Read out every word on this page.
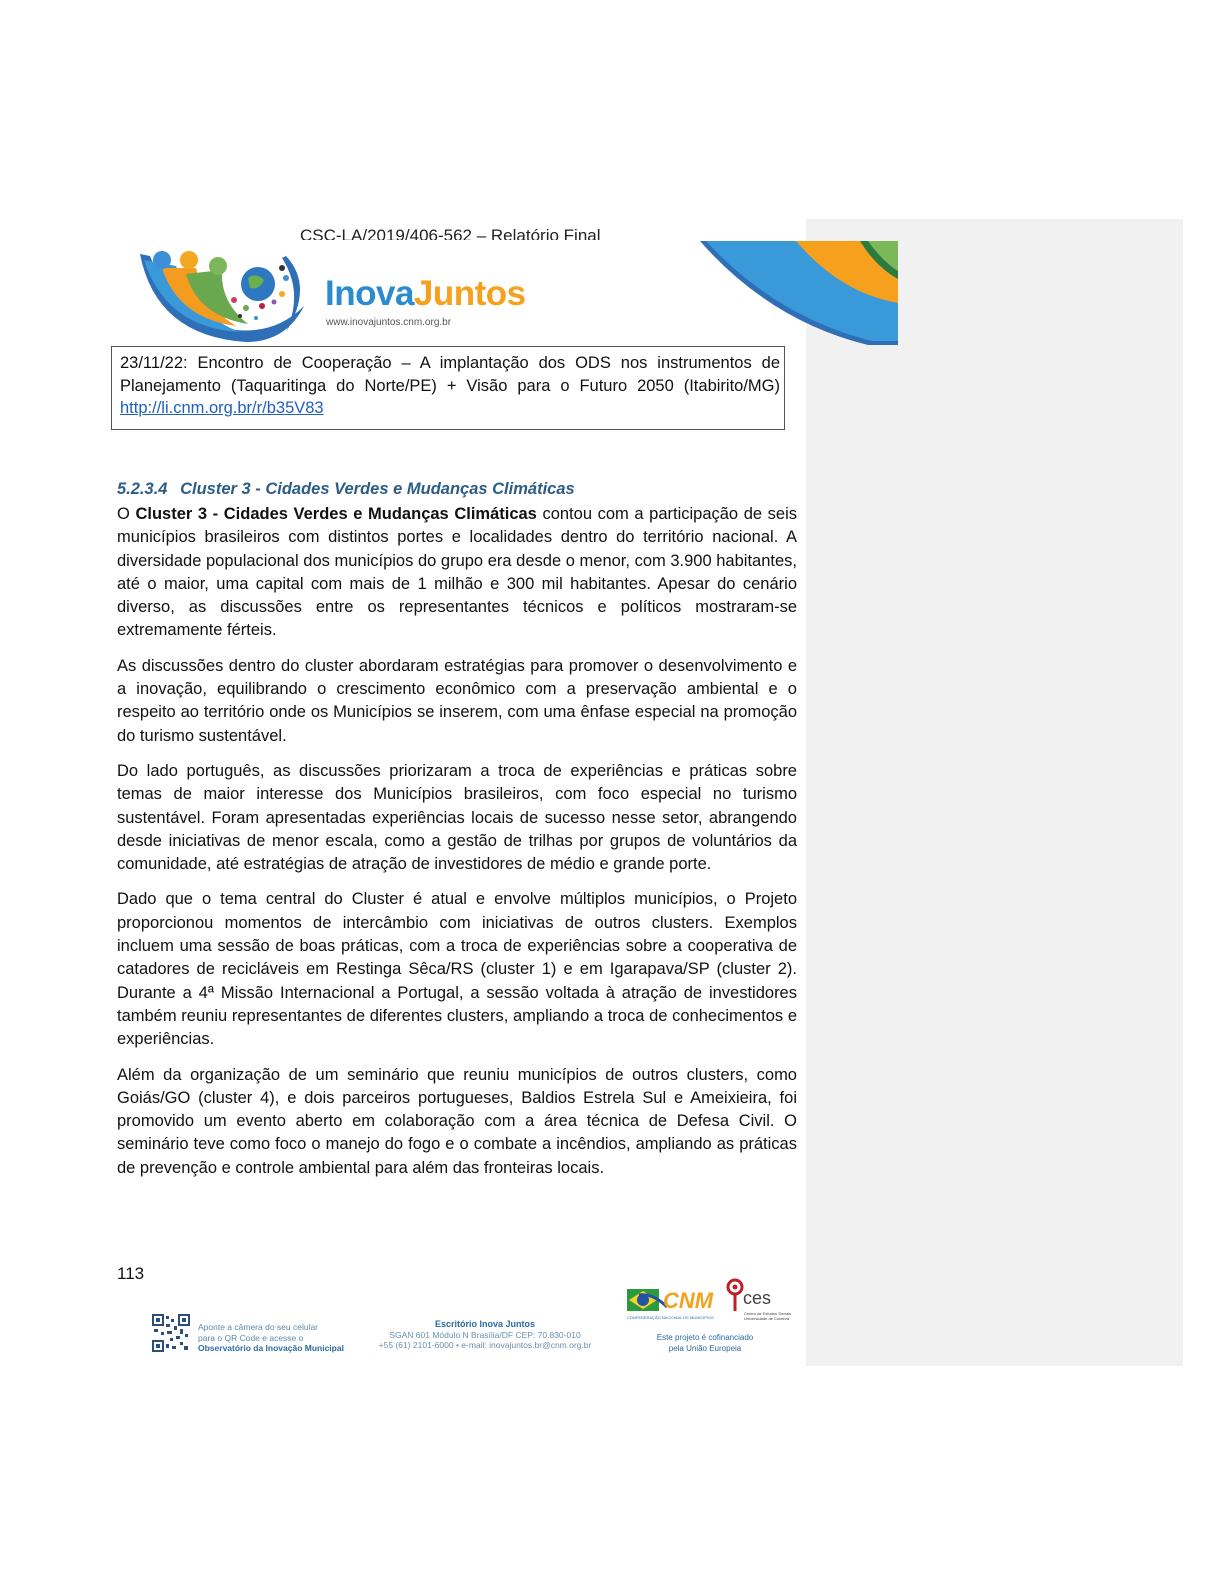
CSC-LA/2019/406-562 – Relatório Final
InovaJuntos
www.inovajuntos.cnm.org.br
23/11/22: Encontro de Cooperação – A implantação dos ODS nos instrumentos de
Planejamento (Taquaritinga do Norte/PE) + Visão para o Futuro 2050 (Itabirito/MG)
http://li.cnm.org.br/r/b35V83
5.2.3.4 Cluster 3 - Cidades Verdes e Mudanças Climáticas

O Cluster 3 - Cidades Verdes e Mudanças Climáticas contou com a participação de seis municípios brasileiros com distintos portes e localidades dentro do território nacional. A diversidade populacional dos municípios do grupo era desde o menor, com 3.900 habitantes, até o maior, uma capital com mais de 1 milhão e 300 mil habitantes. Apesar do cenário diverso, as discussões entre os representantes técnicos e políticos mostraram-se extremamente férteis.

As discussões dentro do cluster abordaram estratégias para promover o desenvolvimento e a inovação, equilibrando o crescimento econômico com a preservação ambiental e o respeito ao território onde os Municípios se inserem, com uma ênfase especial na promoção do turismo sustentável.

Do lado português, as discussões priorizaram a troca de experiências e práticas sobre temas de maior interesse dos Municípios brasileiros, com foco especial no turismo sustentável. Foram apresentadas experiências locais de sucesso nesse setor, abrangendo desde iniciativas de menor escala, como a gestão de trilhas por grupos de voluntários da comunidade, até estratégias de atração de investidores de médio e grande porte.

Dado que o tema central do Cluster é atual e envolve múltiplos municípios, o Projeto proporcionou momentos de intercâmbio com iniciativas de outros clusters. Exemplos incluem uma sessão de boas práticas, com a troca de experiências sobre a cooperativa de catadores de recicláveis em Restinga Sêca/RS (cluster 1) e em Igarapava/SP (cluster 2). Durante a 4ª Missão Internacional a Portugal, a sessão voltada à atração de investidores também reuniu representantes de diferentes clusters, ampliando a troca de conhecimentos e experiências.

Além da organização de um seminário que reuniu municípios de outros clusters, como Goiás/GO (cluster 4), e dois parceiros portugueses, Baldios Estrela Sul e Ameixieira, foi promovido um evento aberto em colaboração com a área técnica de Defesa Civil. O seminário teve como foco o manejo do fogo e o combate a incêndios, ampliando as práticas de prevenção e controle ambiental para além das fronteiras locais.

113
Aponte a câmera do seu celular
para o QR Code e acesse o
Observatório da Inovação Municipal
Escritório Inova Juntos
SGAN 601 Módulo N Brasília/DF CEP: 70.830-010
+55 (61) 2101-6000 • e-mail: inovajuntos.br@cnm.org.br
CNM
CONFEDERAÇÃO NACIONAL DE MUNICÍPIOS
ces
Centro de Estudos Sociais
Universidade de Coimbra
Este projeto é cofinanciado
pela União Europeia
